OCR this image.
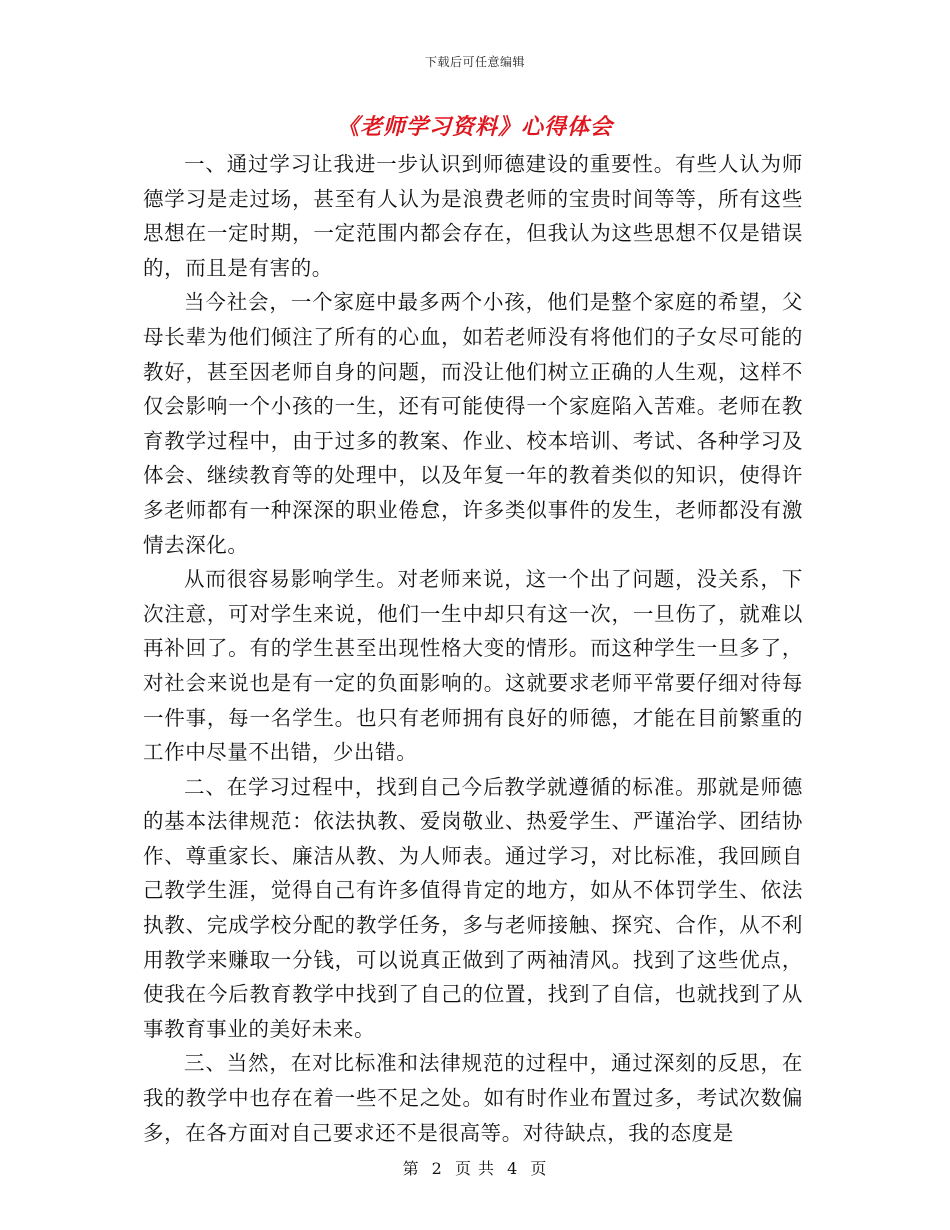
下载后可任意编辑
《老师学习资料》心得体会

一、通过学习让我进一步认识到师德建设的重要性。有些人认为师德学习是走过场，甚至有人认为是浪费老师的宝贵时间等等，所有这些思想在一定时期，一定范围内都会存在，但我认为这些思想不仅是错误的，而且是有害的。

当今社会，一个家庭中最多两个小孩，他们是整个家庭的希望，父母长辈为他们倾注了所有的心血，如若老师没有将他们的子女尽可能的教好，甚至因老师自身的问题，而没让他们树立正确的人生观，这样不仅会影响一个小孩的一生，还有可能使得一个家庭陷入苦难。老师在教育教学过程中，由于过多的教案、作业、校本培训、考试、各种学习及体会、继续教育等的处理中，以及年复一年的教着类似的知识，使得许多老师都有一种深深的职业倦怠，许多类似事件的发生，老师都没有激情去深化。

从而很容易影响学生。对老师来说，这一个出了问题，没关系，下次注意，可对学生来说，他们一生中却只有这一次，一旦伤了，就难以再补回了。有的学生甚至出现性格大变的情形。而这种学生一旦多了，对社会来说也是有一定的负面影响的。这就要求老师平常要仔细对待每一件事，每一名学生。也只有老师拥有良好的师德，才能在目前繁重的工作中尽量不出错，少出错。

二、在学习过程中，找到自己今后教学就遵循的标准。那就是师德的基本法律规范：依法执教、爱岗敬业、热爱学生、严谨治学、团结协作、尊重家长、廉洁从教、为人师表。通过学习，对比标准，我回顾自己教学生涯，觉得自己有许多值得肯定的地方，如从不体罚学生、依法执教、完成学校分配的教学任务，多与老师接触、探究、合作，从不利用教学来赚取一分钱，可以说真正做到了两袖清风。找到了这些优点，使我在今后教育教学中找到了自己的位置，找到了自信，也就找到了从事教育事业的美好未来。

三、当然，在对比标准和法律规范的过程中，通过深刻的反思，在我的教学中也存在着一些不足之处。如有时作业布置过多，考试次数偏多，在各方面对自己要求还不是很高等。对待缺点，我的态度是

第 2 页 共 4 页
